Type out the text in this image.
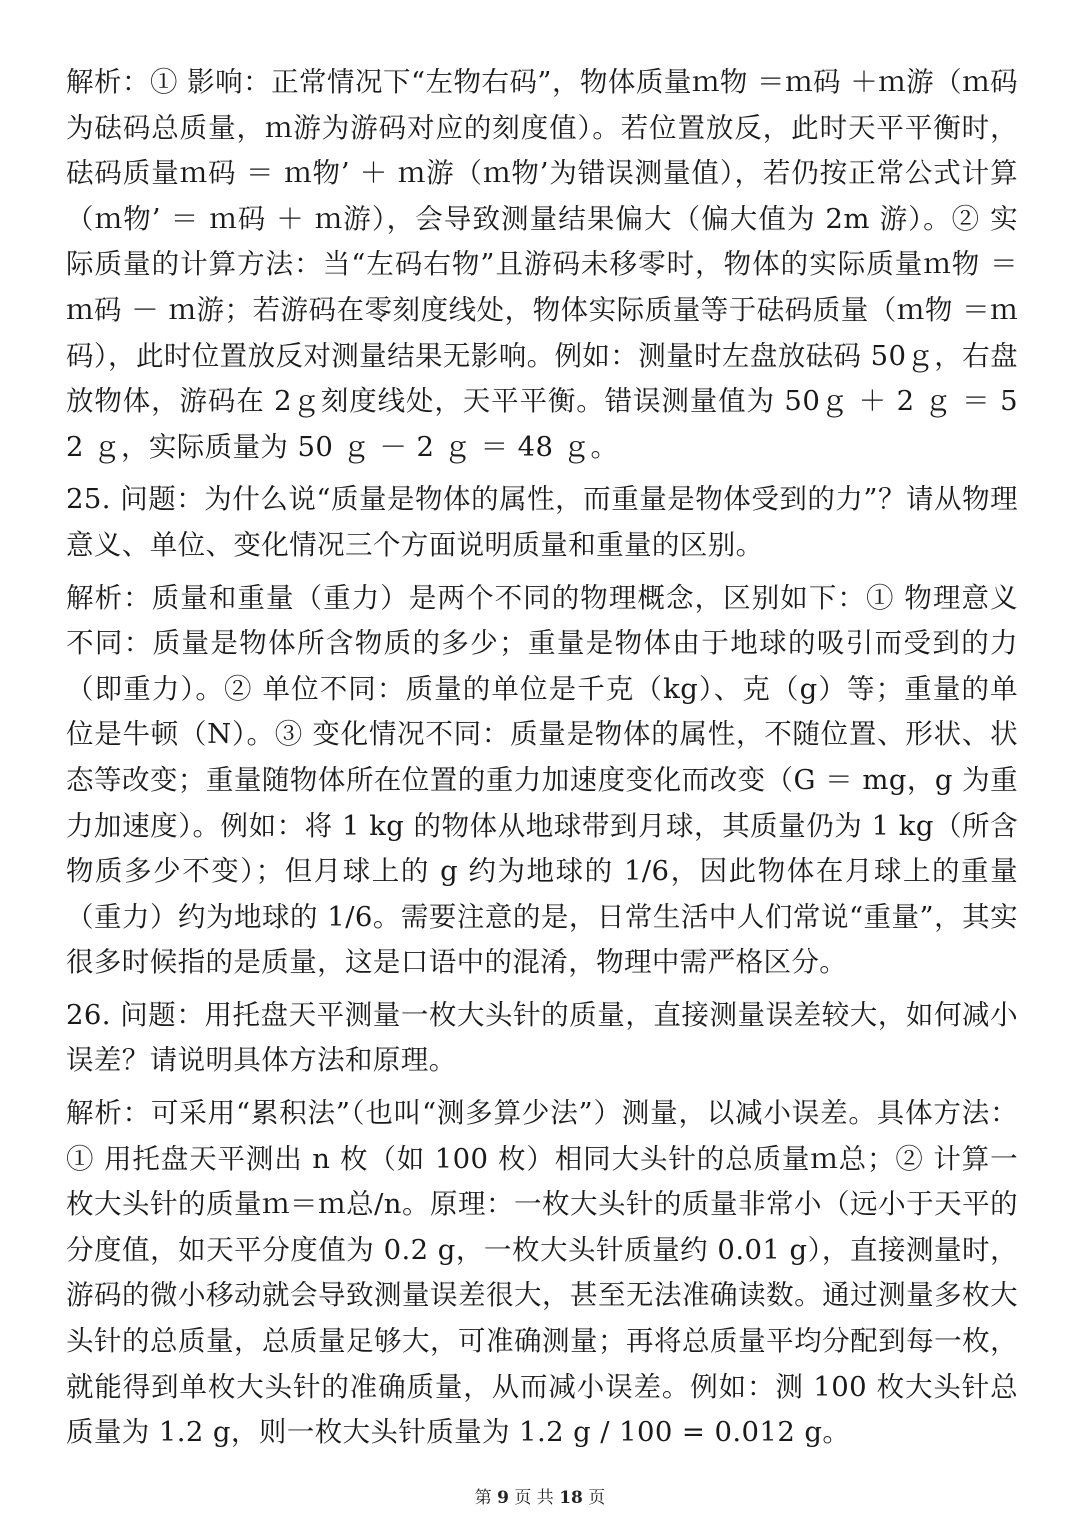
解析：① 影响：正常情况下“左物右码”，物体质量ｍ物 ＝ｍ码 ＋ｍ游（ｍ码为砝码总质量，ｍ游为游码对应的刻度值）。若位置放反，此时天平平衡时，砝码质量ｍ码 ＝ ｍ物’ ＋ ｍ游（ｍ物’为错误测量值），若仍按正常公式计算（ｍ物’ ＝ ｍ码 ＋ ｍ游），会导致测量结果偏大（偏大值为 2m 游）。② 实际质量的计算方法：当“左码右物”且游码未移零时，物体的实际质量ｍ物 ＝ ｍ码 － ｍ游；若游码在零刻度线处，物体实际质量等于砝码质量（ｍ物 ＝ｍ码），此时位置放反对测量结果无影响。例如：测量时左盘放砝码 50ｇ，右盘放物体，游码在 2ｇ刻度线处，天平平衡。错误测量值为 50ｇ ＋ 2 ｇ ＝ 52 ｇ，实际质量为 50 ｇ － 2 ｇ ＝ 48 ｇ。

25. 问题：为什么说“质量是物体的属性，而重量是物体受到的力”？请从物理意义、单位、变化情况三个方面说明质量和重量的区别。

解析：质量和重量（重力）是两个不同的物理概念，区别如下：① 物理意义不同：质量是物体所含物质的多少；重量是物体由于地球的吸引而受到的力（即重力）。② 单位不同：质量的单位是千克（kg）、克（g）等；重量的单位是牛顿（N）。③ 变化情况不同：质量是物体的属性，不随位置、形状、状态等改变；重量随物体所在位置的重力加速度变化而改变（G ＝ mg，g 为重力加速度）。例如：将 1 kg 的物体从地球带到月球，其质量仍为 1 kg（所含物质多少不变）；但月球上的 g 约为地球的 1/6，因此物体在月球上的重量（重力）约为地球的 1/6。需要注意的是，日常生活中人们常说“重量”，其实很多时候指的是质量，这是口语中的混淆，物理中需严格区分。

26. 问题：用托盘天平测量一枚大头针的质量，直接测量误差较大，如何减小误差？请说明具体方法和原理。

解析：可采用“累积法”（也叫“测多算少法”）测量，以减小误差。具体方法：① 用托盘天平测出 n 枚（如 100 枚）相同大头针的总质量ｍ总；② 计算一枚大头针的质量ｍ＝ｍ总/n。原理：一枚大头针的质量非常小（远小于天平的分度值，如天平分度值为 0.2 g，一枚大头针质量约 0.01 g），直接测量时，游码的微小移动就会导致测量误差很大，甚至无法准确读数。通过测量多枚大头针的总质量，总质量足够大，可准确测量；再将总质量平均分配到每一枚，就能得到单枚大头针的准确质量，从而减小误差。例如：测 100 枚大头针总质量为 1.2 g，则一枚大头针质量为 1.2 g / 100 = 0.012 g。

第 9 页 共 18 页
